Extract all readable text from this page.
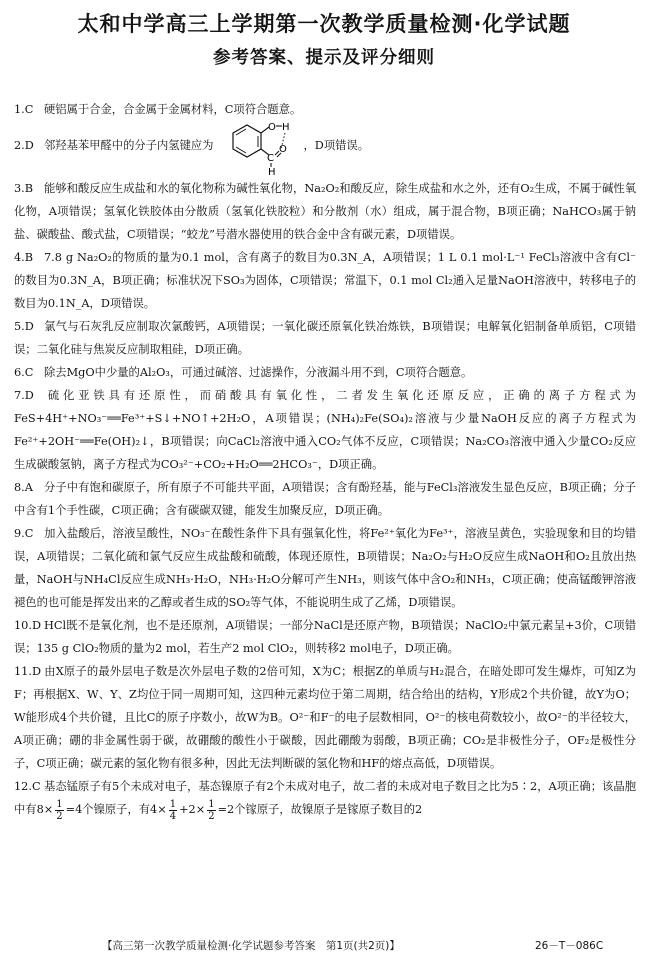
太和中学高三上学期第一次教学质量检测·化学试题
参考答案、提示及评分细则
1.C 硬铝属于合金，合金属于金属材料，C项符合题意。
2.D 邻羟基苯甲醛中的分子内氢键应为
O H
C
O
H
，D项错误。
3.B 能够和酸反应生成盐和水的氧化物称为碱性氧化物，Na₂O₂和酸反应，除生成盐和水之外，还有O₂生成，不属于碱性氧化物，A项错误；氢氧化铁胶体由分散质（氢氧化铁胶粒）和分散剂（水）组成，属于混合物，B项正确；NaHCO₃属于钠盐、碳酸盐、酸式盐，C项错误；“蛟龙”号潜水器使用的铁合金中含有碳元素，D项错误。
4.B 7.8 g Na₂O₂的物质的量为0.1 mol，含有离子的数目为0.3N_A，A项错误；1 L 0.1 mol·L⁻¹ FeCl₃溶液中含有Cl⁻的数目为0.3N_A，B项正确；标准状况下SO₃为固体，C项错误；常温下，0.1 mol Cl₂通入足量NaOH溶液中，转移电子的数目为0.1N_A，D项错误。
5.D 氯气与石灰乳反应制取次氯酸钙，A项错误；一氧化碳还原氧化铁冶炼铁，B项错误；电解氧化铝制备单质铝，C项错误；二氧化硅与焦炭反应制取粗硅，D项正确。
6.C 除去MgO中少量的Al₂O₃，可通过碱溶、过滤操作，分液漏斗用不到，C项符合题意。
7.D 硫化亚铁具有还原性，而硝酸具有氧化性，二者发生氧化还原反应，正确的离子方程式为FeS+4H⁺+NO₃⁻══Fe³⁺+S↓+NO↑+2H₂O，A项错误；(NH₄)₂Fe(SO₄)₂溶液与少量NaOH反应的离子方程式为Fe²⁺+2OH⁻══Fe(OH)₂↓，B项错误；向CaCl₂溶液中通入CO₂气体不反应，C项错误；Na₂CO₃溶液中通入少量CO₂反应生成碳酸氢钠，离子方程式为CO₃²⁻+CO₂+H₂O══2HCO₃⁻，D项正确。
8.A 分子中有饱和碳原子，所有原子不可能共平面，A项错误；含有酚羟基，能与FeCl₃溶液发生显色反应，B项正确；分子中含有1个手性碳，C项正确；含有碳碳双键，能发生加聚反应，D项正确。
9.C 加入盐酸后，溶液呈酸性，NO₃⁻在酸性条件下具有强氧化性，将Fe²⁺氧化为Fe³⁺，溶液呈黄色，实验现象和目的均错误，A项错误；二氧化硫和氯气反应生成盐酸和硫酸，体现还原性，B项错误；Na₂O₂与H₂O反应生成NaOH和O₂且放出热量，NaOH与NH₄Cl反应生成NH₃·H₂O，NH₃·H₂O分解可产生NH₃，则该气体中含O₂和NH₃，C项正确；使高锰酸钾溶液褪色的也可能是挥发出来的乙醇或者生成的SO₂等气体，不能说明生成了乙烯，D项错误。
10.D HCl既不是氧化剂，也不是还原剂，A项错误；一部分NaCl是还原产物，B项错误；NaClO₂中氯元素呈+3价，C项错误；135 g ClO₂物质的量为2 mol，若生产2 mol ClO₂，则转移2 mol电子，D项正确。
11.D 由X原子的最外层电子数是次外层电子数的2倍可知，X为C；根据Z的单质与H₂混合，在暗处即可发生爆炸，可知Z为F；再根据X、W、Y、Z均位于同一周期可知，这四种元素均位于第二周期，结合给出的结构，Y形成2个共价键，故Y为O；W能形成4个共价键，且比C的原子序数小，故W为B。O²⁻和F⁻的电子层数相同，O²⁻的核电荷数较小，故O²⁻的半径较大，A项正确；硼的非金属性弱于碳，故硼酸的酸性小于碳酸，因此硼酸为弱酸，B项正确；CO₂是非极性分子，OF₂是极性分子，C项正确；碳元素的氢化物有很多种，因此无法判断碳的氢化物和HF的熔点高低，D项错误。
12.C 基态锰原子有5个未成对电子，基态镍原子有2个未成对电子，故二者的未成对电子数目之比为5∶2，A项正确；该晶胞中有$8\times \frac{1}{2} =4$个镍原子，有$4\times \frac{1}{4} +2\times \frac{1}{2} =2$个镓原子，故镍原子是镓原子数目的2
【高三第一次教学质量检测·化学试题参考答案　第1页(共2页)】	26－T－086C
